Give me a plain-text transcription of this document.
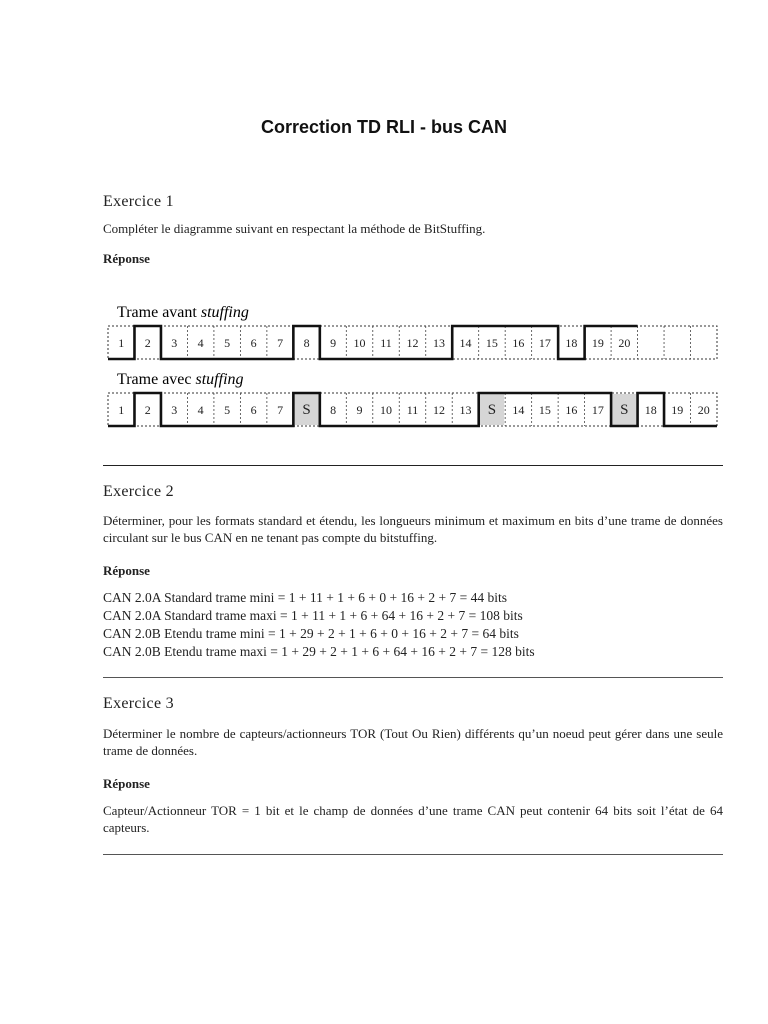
Correction TD RLI - bus CAN
Exercice 1

Compléter le diagramme suivant en respectant la méthode de BitStuffing.

Réponse
Trame avant stuffing
Trame avec stuffing
1 2 3 4 5 6 7 8 9 10 11 12 13 14 15 16 17 18 19 20
1 2 3 4 5 6 7 S 8 9 10 11 12 13 S 14 15 16 17 S 18 19 20
Exercice 2

Déterminer, pour les formats standard et étendu, les longueurs minimum et maximum en bits d’une trame de données circulant sur le bus CAN en ne tenant pas compte du bitstuffing.

Réponse
CAN 2.0A Standard trame mini = 1 + 11 + 1 + 6 + 0 + 16 + 2 + 7 = 44 bits
CAN 2.0A Standard trame maxi = 1 + 11 + 1 + 6 + 64 + 16 + 2 + 7 = 108 bits
CAN 2.0B Etendu trame mini = 1 + 29 + 2 + 1 + 6 + 0 + 16 + 2 + 7 = 64 bits
CAN 2.0B Etendu trame maxi = 1 + 29 + 2 + 1 + 6 + 64 + 16 + 2 + 7 = 128 bits
Exercice 3

Déterminer le nombre de capteurs/actionneurs TOR (Tout Ou Rien) différents qu’un noeud peut gérer dans une seule trame de données.

Réponse

Capteur/Actionneur TOR = 1 bit et le champ de données d’une trame CAN peut contenir 64 bits soit l’état de 64 capteurs.
